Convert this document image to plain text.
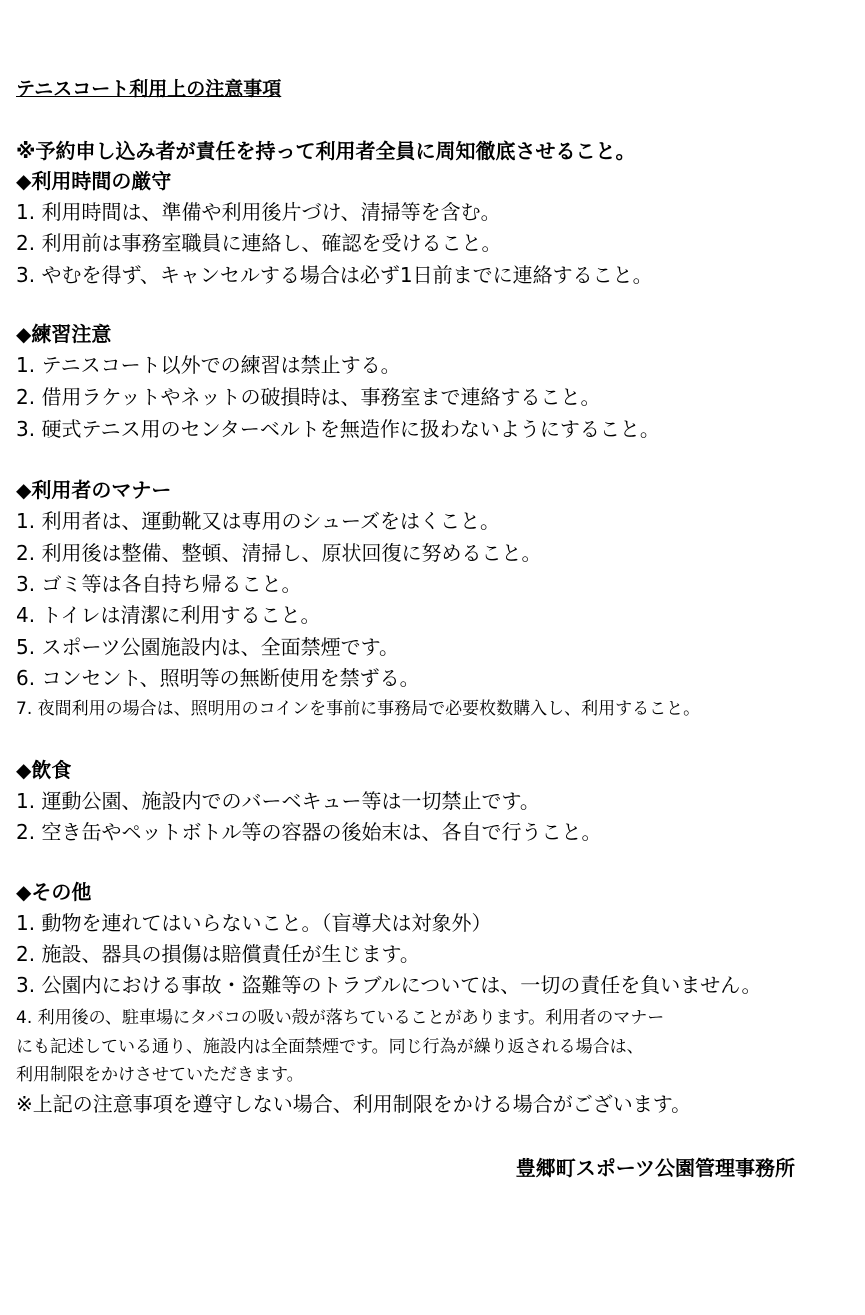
テニスコート利用上の注意事項
※予約申し込み者が責任を持って利用者全員に周知徹底させること。
◆利用時間の厳守
1. 利用時間は、準備や利用後片づけ、清掃等を含む。
2. 利用前は事務室職員に連絡し、確認を受けること。
3. やむを得ず、キャンセルする場合は必ず1日前までに連絡すること。
◆練習注意
1. テニスコート以外での練習は禁止する。
2. 借用ラケットやネットの破損時は、事務室まで連絡すること。
3. 硬式テニス用のセンターベルトを無造作に扱わないようにすること。
◆利用者のマナー
1. 利用者は、運動靴又は専用のシューズをはくこと。
2. 利用後は整備、整頓、清掃し、原状回復に努めること。
3. ゴミ等は各自持ち帰ること。
4. トイレは清潔に利用すること。
5. スポーツ公園施設内は、全面禁煙です。
6. コンセント、照明等の無断使用を禁ずる。
7. 夜間利用の場合は、照明用のコインを事前に事務局で必要枚数購入し、利用すること。
◆飲食
1. 運動公園、施設内でのバーベキュー等は一切禁止です。
2. 空き缶やペットボトル等の容器の後始末は、各自で行うこと。
◆その他
1. 動物を連れてはいらないこと。（盲導犬は対象外）
2. 施設、器具の損傷は賠償責任が生じます。
3. 公園内における事故・盗難等のトラブルについては、一切の責任を負いません。
4. 利用後の、駐車場にタバコの吸い殻が落ちていることがあります。利用者のマナー
にも記述している通り、施設内は全面禁煙です。同じ行為が繰り返される場合は、
利用制限をかけさせていただきます。
※上記の注意事項を遵守しない場合、利用制限をかける場合がございます。
豊郷町スポーツ公園管理事務所
